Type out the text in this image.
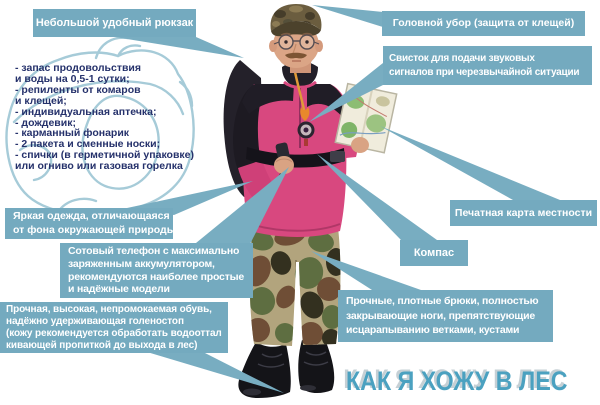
Небольшой удобный рюкзак	Головной убор (защита от клещей)
Свисток для подачи звуковых
сигналов при черезвычайной ситуации
Печатная карта местности
Компас
Прочные, плотные брюки, полностью
закрывающие ноги, препятствующие
исцарапыванию ветками, кустами
Яркая одежда, отличающаяся
от фона окружающей природы
Сотовый телефон с максимально
заряженным аккумулятором,
рекомендуются наиболее простые
и надёжные модели
Прочная, высокая, непромокаемая обувь,
надёжно удерживающая голеностоп
(кожу рекомендуется обработать водооттал
кивающей пропиткой до выхода в лес)
- запас продовольствия
и воды на 0,5-1 сутки;
- репиленты от комаров
и клещей;
- индивидуальная аптечка;
- дождевик;
- карманный фонарик
- 2 пакета и сменные носки;
- спички (в герметичной упаковке)
или огниво или газовая горелка
КАК Я ХОЖУ В ЛЕС
